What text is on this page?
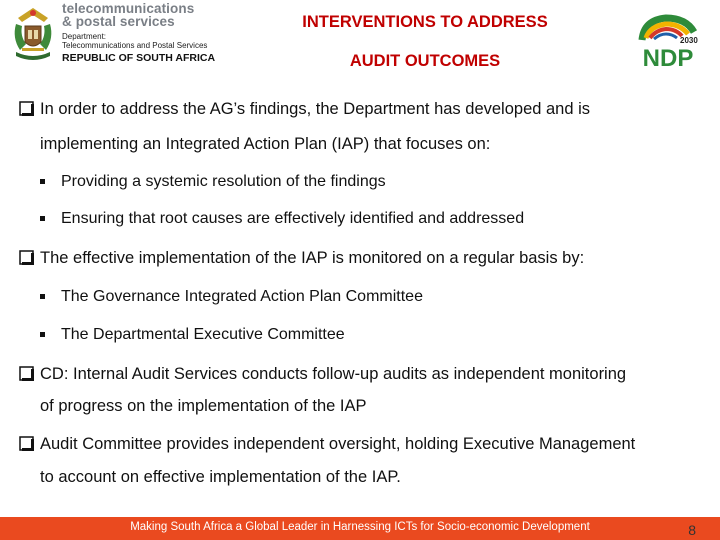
telecommunications
& postal services
Department:
Telecommunications and Postal Services
REPUBLIC OF SOUTH AFRICA
INTERVENTIONS TO ADDRESS
AUDIT OUTCOMES
2030
NDP
In order to address the AG’s findings, the Department has developed and is
implementing an Integrated Action Plan (IAP) that focuses on:
Providing a systemic resolution of the findings
Ensuring that root causes are effectively identified and addressed
The effective implementation of the IAP is monitored on a regular basis by:
The Governance Integrated Action Plan Committee
The Departmental Executive Committee
CD: Internal Audit Services conducts follow-up audits as independent monitoring
of progress on the implementation of the IAP
Audit Committee provides independent oversight, holding Executive Management
to account on effective implementation of the IAP.
Making South Africa a Global Leader in Harnessing ICTs for Socio-economic Development	8
